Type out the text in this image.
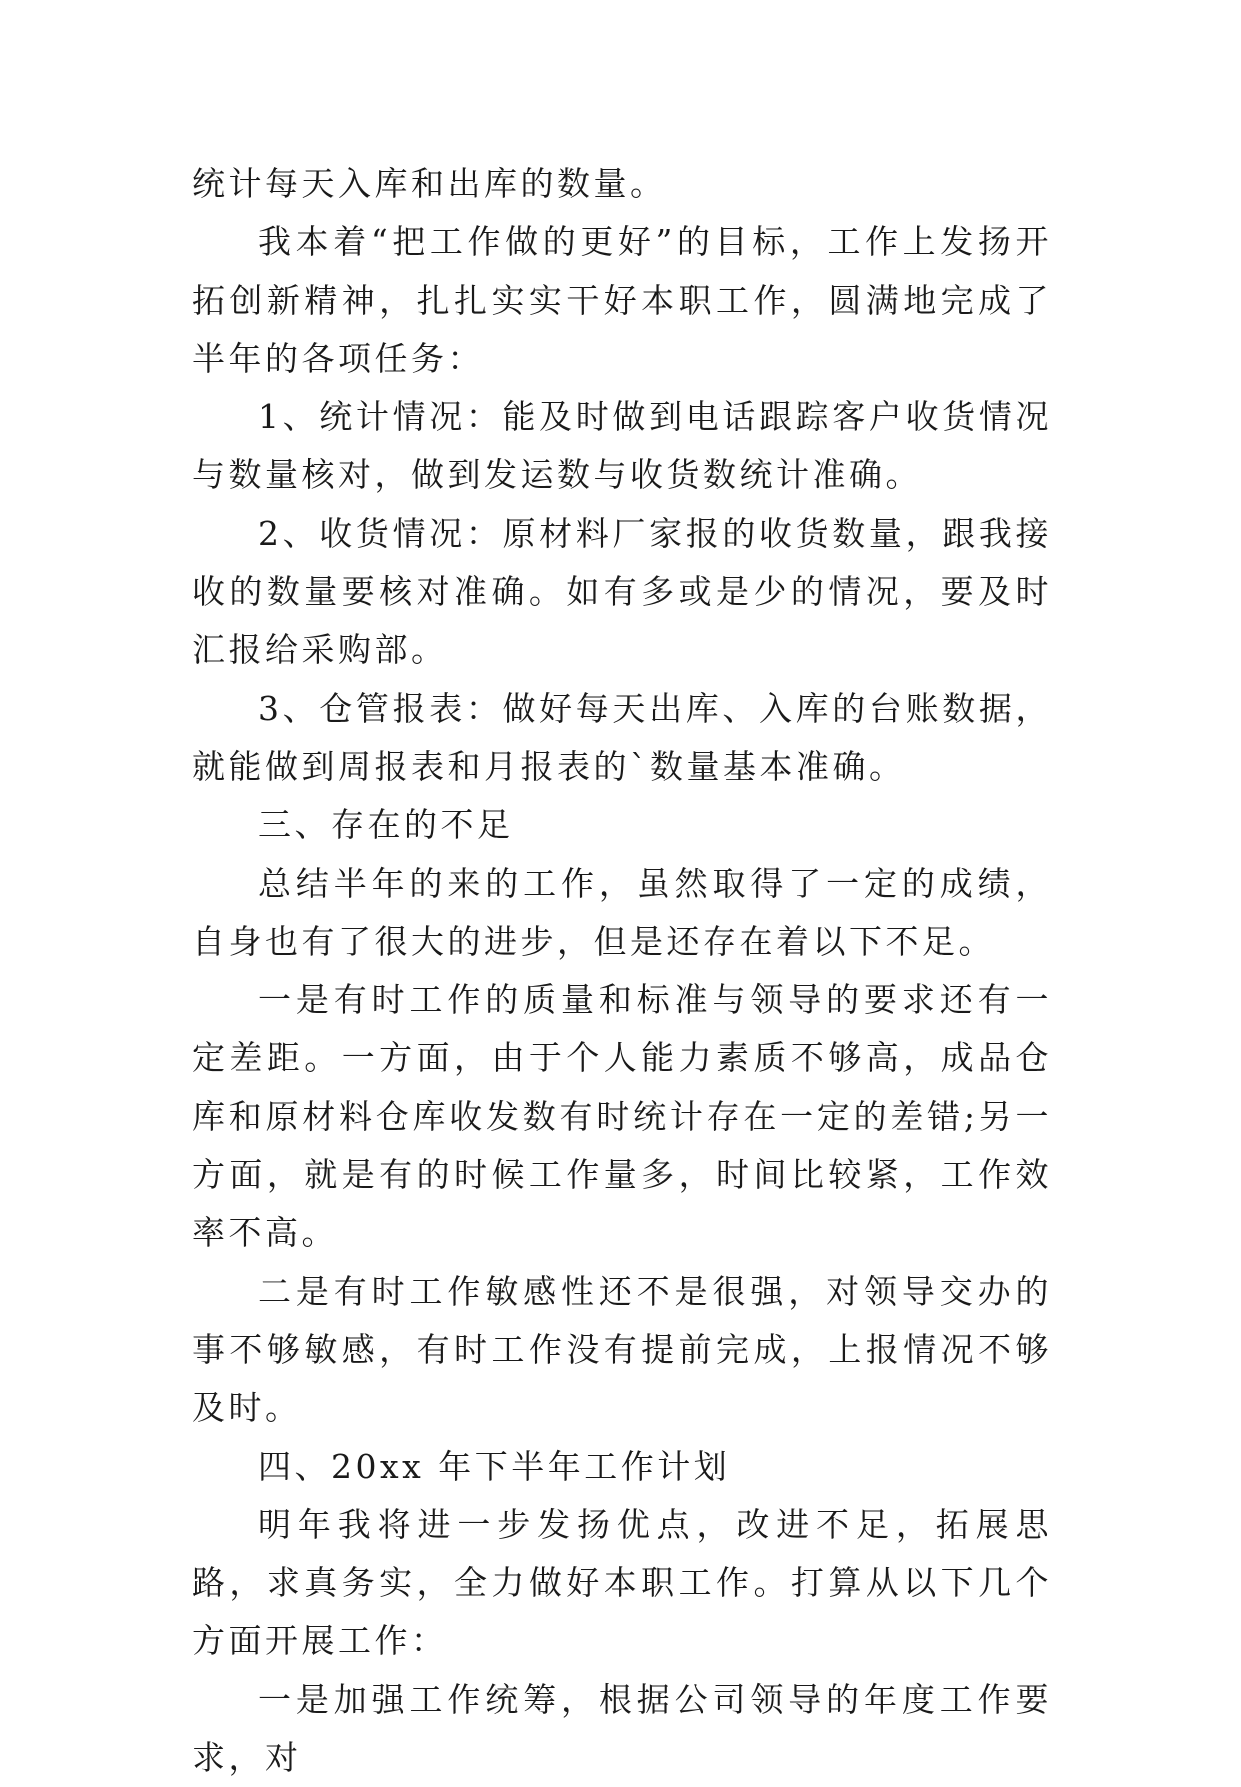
统计每天入库和出库的数量。

我本着“把工作做的更好”的目标，工作上发扬开拓创新精神，扎扎实实干好本职工作，圆满地完成了半年的各项任务：

1、统计情况：能及时做到电话跟踪客户收货情况与数量核对，做到发运数与收货数统计准确。

2、收货情况：原材料厂家报的收货数量，跟我接收的数量要核对准确。如有多或是少的情况，要及时汇报给采购部。

3、仓管报表：做好每天出库、入库的台账数据，就能做到周报表和月报表的`数量基本准确。

三、存在的不足

总结半年的来的工作，虽然取得了一定的成绩，自身也有了很大的进步，但是还存在着以下不足。

一是有时工作的质量和标准与领导的要求还有一定差距。一方面，由于个人能力素质不够高，成品仓库和原材料仓库收发数有时统计存在一定的差错;另一方面，就是有的时候工作量多，时间比较紧，工作效率不高。

二是有时工作敏感性还不是很强，对领导交办的事不够敏感，有时工作没有提前完成，上报情况不够及时。

四、20xx 年下半年工作计划

明年我将进一步发扬优点，改进不足，拓展思路，求真务实，全力做好本职工作。打算从以下几个方面开展工作：

一是加强工作统筹，根据公司领导的年度工作要求，对
